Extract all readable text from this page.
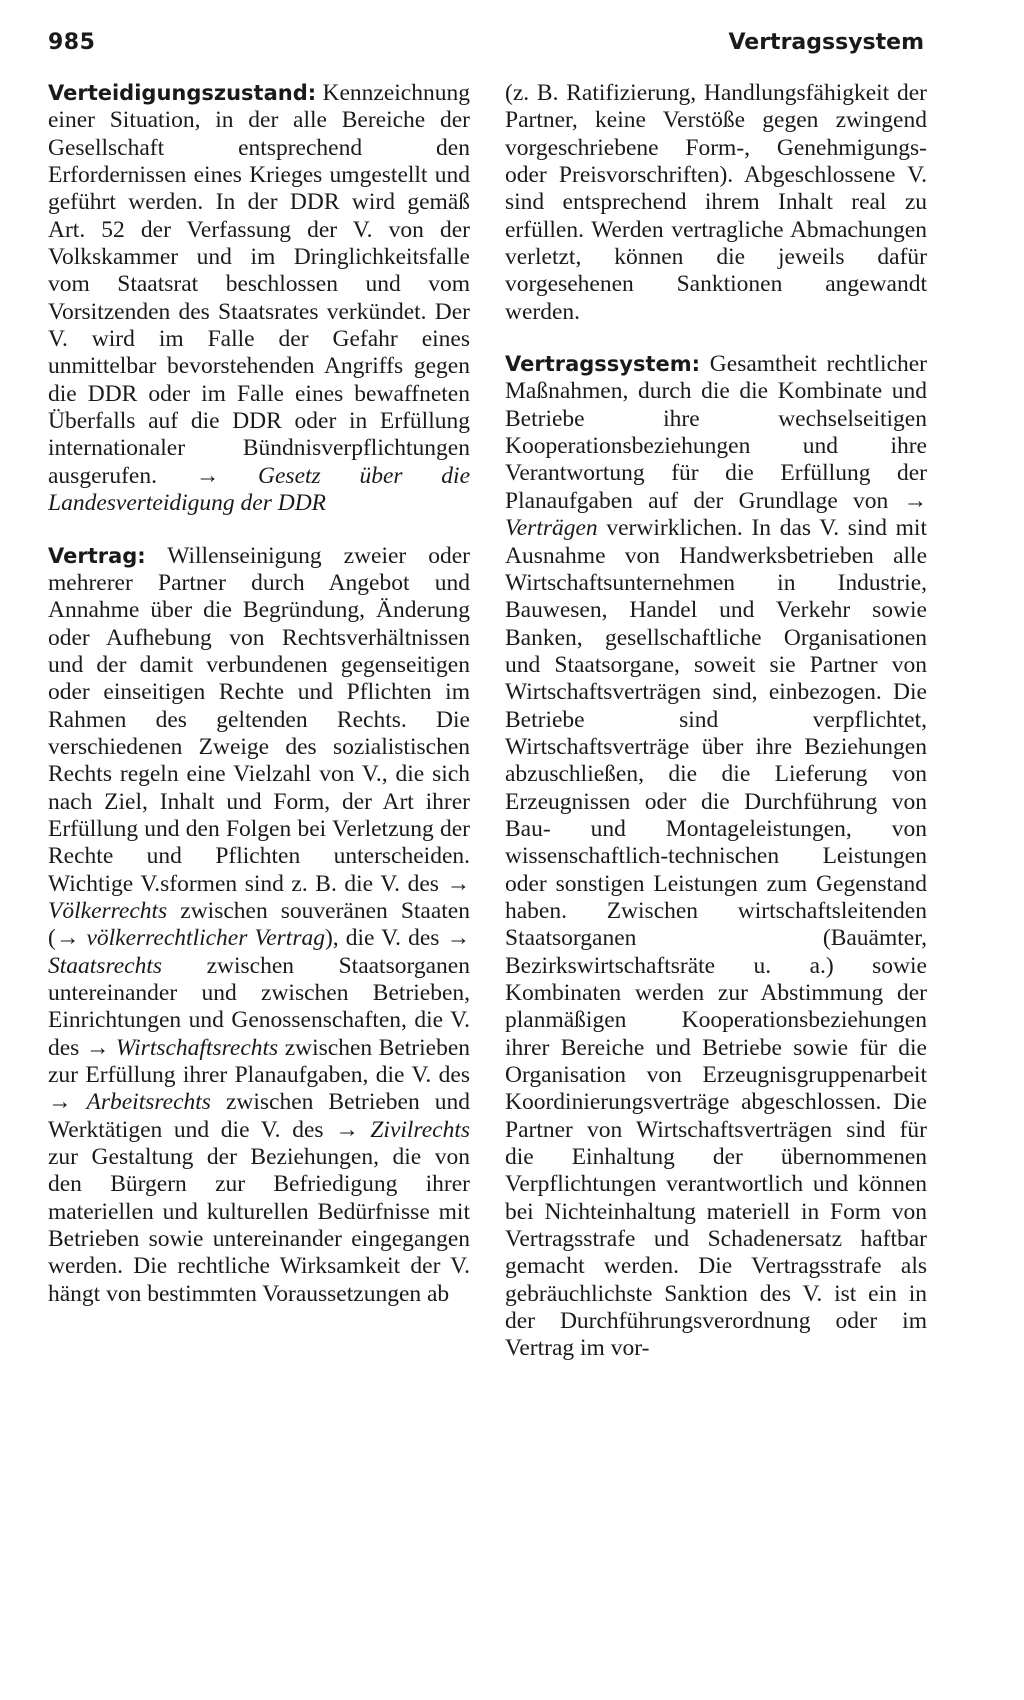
985	Vertragssystem

Verteidigungszustand: Kennzeichnung einer Situation, in der alle Bereiche der Gesellschaft entsprechend den Erfordernissen eines Krieges umgestellt und geführt werden. In der DDR wird gemäß Art. 52 der Verfassung der V. von der Volkskammer und im Dringlichkeitsfalle vom Staatsrat beschlossen und vom Vorsitzenden des Staatsrates verkündet. Der V. wird im Falle der Gefahr eines unmittelbar bevorstehenden Angriffs gegen die DDR oder im Falle eines bewaffneten Überfalls auf die DDR oder in Erfüllung internationaler Bündnisverpflichtungen ausgerufen. → Gesetz über die Landesverteidigung der DDR

Vertrag: Willenseinigung zweier oder mehrerer Partner durch Angebot und Annahme über die Begründung, Änderung oder Aufhebung von Rechtsverhältnissen und der damit verbundenen gegenseitigen oder einseitigen Rechte und Pflichten im Rahmen des geltenden Rechts. Die verschiedenen Zweige des sozialistischen Rechts regeln eine Vielzahl von V., die sich nach Ziel, Inhalt und Form, der Art ihrer Erfüllung und den Folgen bei Verletzung der Rechte und Pflichten unterscheiden. Wichtige V.sformen sind z. B. die V. des → Völkerrechts zwischen souveränen Staaten (→ völkerrechtlicher Vertrag), die V. des → Staatsrechts zwischen Staatsorganen untereinander und zwischen Betrieben, Einrichtungen und Genossenschaften, die V. des → Wirtschaftsrechts zwischen Betrieben zur Erfüllung ihrer Planaufgaben, die V. des → Arbeitsrechts zwischen Betrieben und Werktätigen und die V. des → Zivilrechts zur Gestaltung der Beziehungen, die von den Bürgern zur Befriedigung ihrer materiellen und kulturellen Bedürfnisse mit Betrieben sowie untereinander eingegangen werden. Die rechtliche Wirksamkeit der V. hängt von bestimmten Voraussetzungen ab

(z. B. Ratifizierung, Handlungsfähigkeit der Partner, keine Verstöße gegen zwingend vorgeschriebene Form-, Genehmigungs- oder Preisvorschriften). Abgeschlossene V. sind entsprechend ihrem Inhalt real zu erfüllen. Werden vertragliche Abmachungen verletzt, können die jeweils dafür vorgesehenen Sanktionen angewandt werden.

Vertragssystem: Gesamtheit rechtlicher Maßnahmen, durch die die Kombinate und Betriebe ihre wechselseitigen Kooperationsbeziehungen und ihre Verantwortung für die Erfüllung der Planaufgaben auf der Grundlage von → Verträgen verwirklichen. In das V. sind mit Ausnahme von Handwerksbetrieben alle Wirtschaftsunternehmen in Industrie, Bauwesen, Handel und Verkehr sowie Banken, gesellschaftliche Organisationen und Staatsorgane, soweit sie Partner von Wirtschaftsverträgen sind, einbezogen. Die Betriebe sind verpflichtet, Wirtschaftsverträge über ihre Beziehungen abzuschließen, die die Lieferung von Erzeugnissen oder die Durchführung von Bau- und Montageleistungen, von wissenschaftlich-technischen Leistungen oder sonstigen Leistungen zum Gegenstand haben. Zwischen wirtschaftsleitenden Staatsorganen (Bauämter, Bezirkswirtschaftsräte u. a.) sowie Kombinaten werden zur Abstimmung der planmäßigen Kooperationsbeziehungen ihrer Bereiche und Betriebe sowie für die Organisation von Erzeugnisgruppenarbeit Koordinierungsverträge abgeschlossen. Die Partner von Wirtschaftsverträgen sind für die Einhaltung der übernommenen Verpflichtungen verantwortlich und können bei Nichteinhaltung materiell in Form von Vertragsstrafe und Schadenersatz haftbar gemacht werden. Die Vertragsstrafe als gebräuchlichste Sanktion des V. ist ein in der Durchführungsverordnung oder im Vertrag im vor-
